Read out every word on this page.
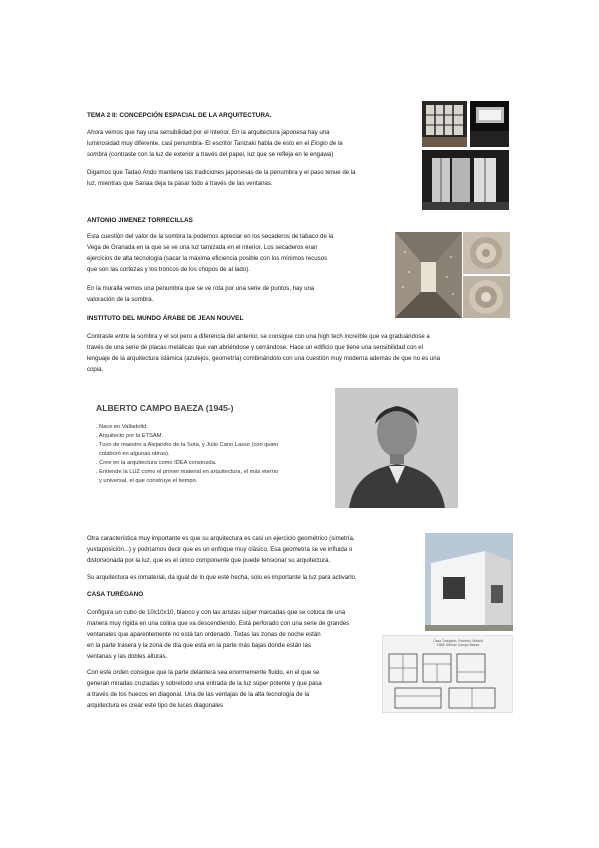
TEMA 2 II: CONCEPCIÓN ESPACIAL DE LA ARQUITECTURA.
Ahora vemos que hay una sensibilidad por el interior. En la arquitectura japonesa hay una
luminosidad muy diferente, casi penumbra- El escritor Tanizaki habla de esto en el Elogio de la
sombra (contraste con la luz de exterior a través del papel, luz que se refleja en le engawa)
Digamos que Tadao Ando mantiene las tradiciones japonesas de la penumbra y el paso tenue de la
luz, mientras que Sanaa deja ta pasar todo a través de las ventanas.
ANTONIO JIMENEZ TORRECILLAS
Esta cuestión del valor de la sombra la podemos apreciar en los secaderos de tabaco de la
Vega de Granada en la que se ve una luz tamizada en el interior. Los secaderos eran
ejercicios de alta tecnología (sacar la máxima eficiencia posible con los mínimos recusos
que son las cortezas y los troncos de los chopos de al lado).
En la muralla vemos una penumbra que se ve rota por una serie de puntos, hay una
valoración de la sombra.
INSTITUTO DEL MUNDO ÁRABE DE JEAN NOUVEL
Contraste entre la sombra y el sol pero a diferencia del anterior, se consigue con una high tech increíble que va graduándose a
través de una serie de placas metálicas que van abriéndose y cerrándose. Hace un edificio que tiene una sensibilidad con el
lenguaje de la arquitectura islámica (azulejos, geometría) combinándolo con una cuestión muy moderna además de que no es una
copia.
ALBERTO CAMPO BAEZA (1945-)
. Nace en Valladolid.
. Arquitecto por la ETSAM.
. Tuvo de maestro a Alejandro de la Sota, y Julio Cano Lasso (con quien
colaboró en algunas obras).
. Cree en la arquitectura como IDEA construida.
. Entiende la LUZ como el primer material en arquitectura, el más eterno
y universal, el que construye el tiempo.
Otra característica muy importante es que su arquitectura es casi un ejercicio geométrico (simetría,
yuxtaposición...) y podríamos decir que es un enfoque muy clásico. Esa geometría se ve influida o
distorsionada por la luz, que es el único componente que puede tensionar su arquitectura.
Su arquitectura es inmaterial, da igual de lo que esté hecha, solo es importante la luz para activarlo.
CASA TURÉGANO
Configura un cubo de 10x10x10, blanco y con las aristas súper marcadas que se coloca de una
manera muy rígida en una colina que va descendiendo. Está perforado con una serie de grandes
ventanales que aparentemente no está tan ordenado. Todas las zonas de noche están
en la parte trasera y la zona de día que está en la parte más bajas donde están las
ventanas y las dobles alturas.
Con este orden consigue que la parte delantera sea enormemente fluido, en el que se
generan miradas cruzadas y sobretodo una entrada de la luz súper potente y que pasa
a través de los huecos en diagonal. Una de las ventajas de la alta tecnología de la
arquitectura es crear este tipo de luces diagonales
Casa Turégano, Pozuelo, Madrid
1988. Alberto Campo Baeza
